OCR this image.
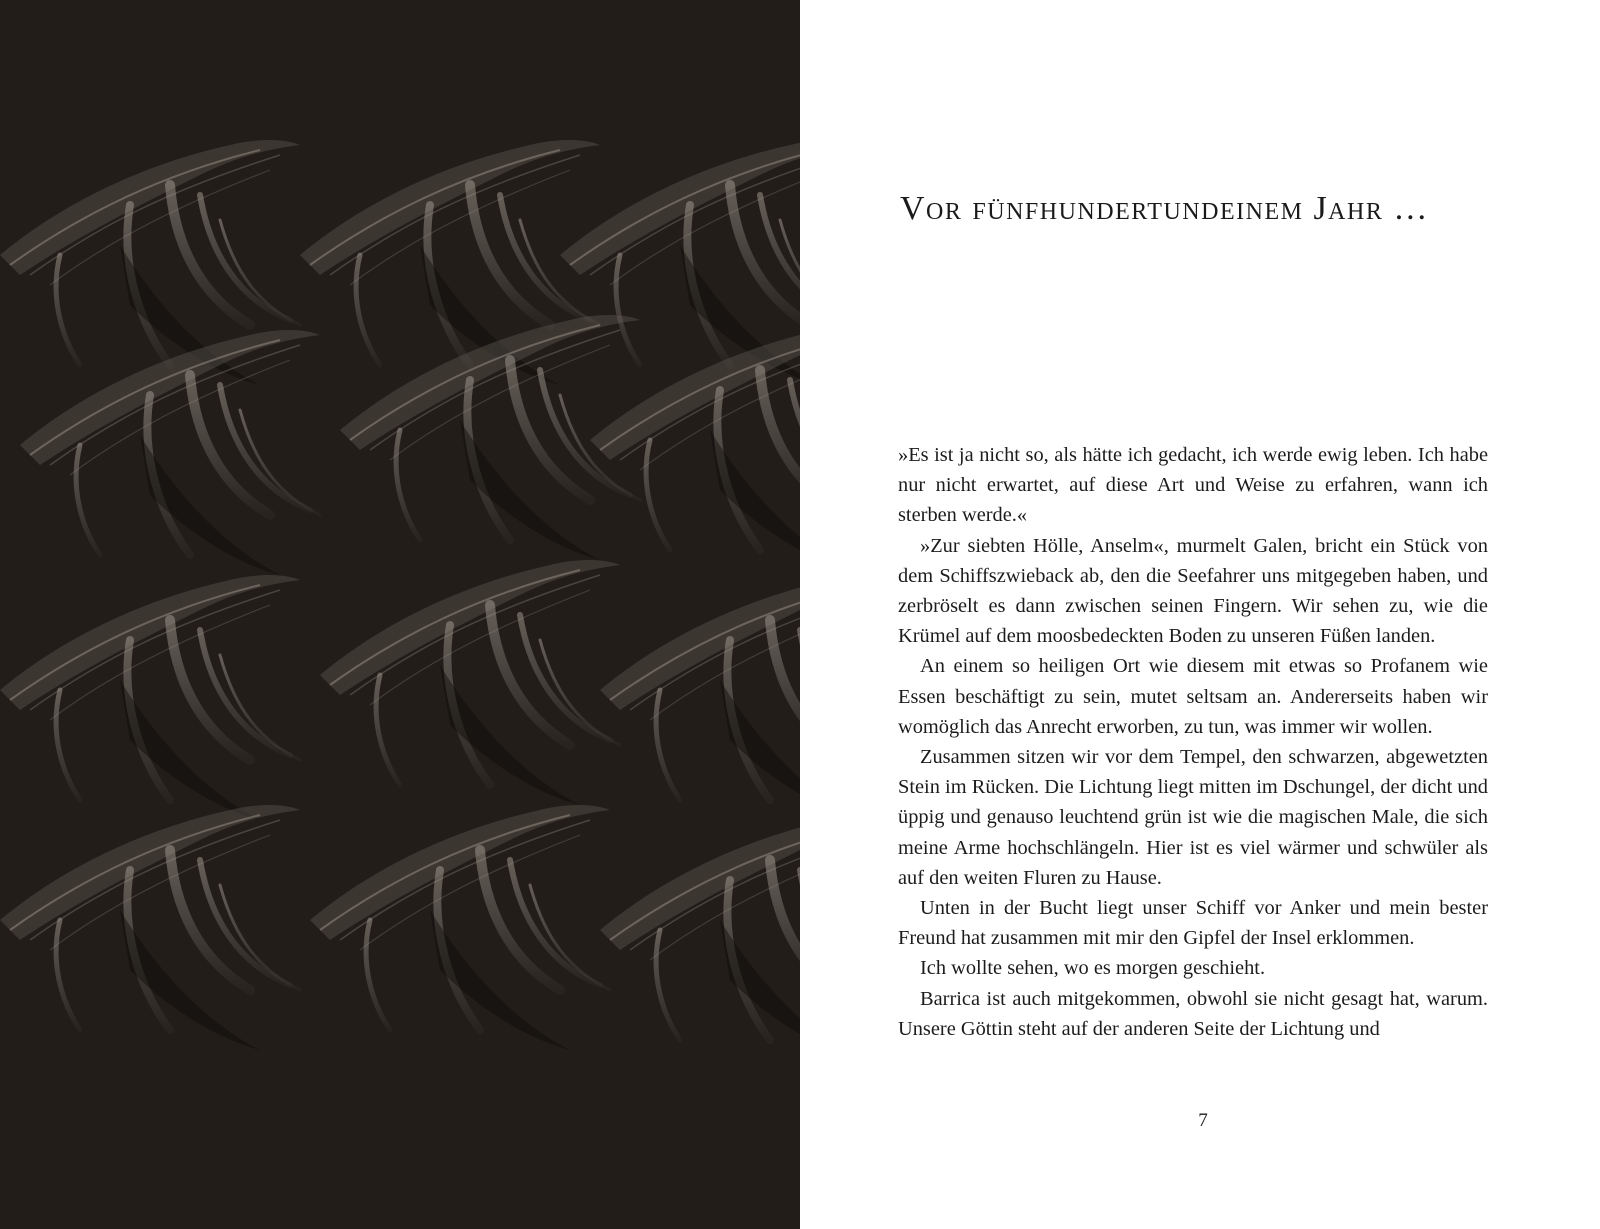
Vor fünfhundertundeinem Jahr …

»Es ist ja nicht so, als hätte ich gedacht, ich werde ewig leben. Ich habe nur nicht erwartet, auf diese Art und Weise zu erfahren, wann ich sterben werde.«

»Zur siebten Hölle, Anselm«, murmelt Galen, bricht ein Stück von dem Schiffszwieback ab, den die Seefahrer uns mitgegeben haben, und zerbröselt es dann zwischen seinen Fingern. Wir sehen zu, wie die Krümel auf dem moosbedeckten Boden zu unseren Füßen landen.

An einem so heiligen Ort wie diesem mit etwas so Profanem wie Essen beschäftigt zu sein, mutet seltsam an. Andererseits haben wir womöglich das Anrecht erworben, zu tun, was immer wir wollen.

Zusammen sitzen wir vor dem Tempel, den schwarzen, abgewetzten Stein im Rücken. Die Lichtung liegt mitten im Dschungel, der dicht und üppig und genauso leuchtend grün ist wie die magischen Male, die sich meine Arme hochschlängeln. Hier ist es viel wärmer und schwüler als auf den weiten Fluren zu Hause.

Unten in der Bucht liegt unser Schiff vor Anker und mein bester Freund hat zusammen mit mir den Gipfel der Insel erklommen.

Ich wollte sehen, wo es morgen geschieht.

Barrica ist auch mitgekommen, obwohl sie nicht gesagt hat, warum. Unsere Göttin steht auf der anderen Seite der Lichtung und

7
